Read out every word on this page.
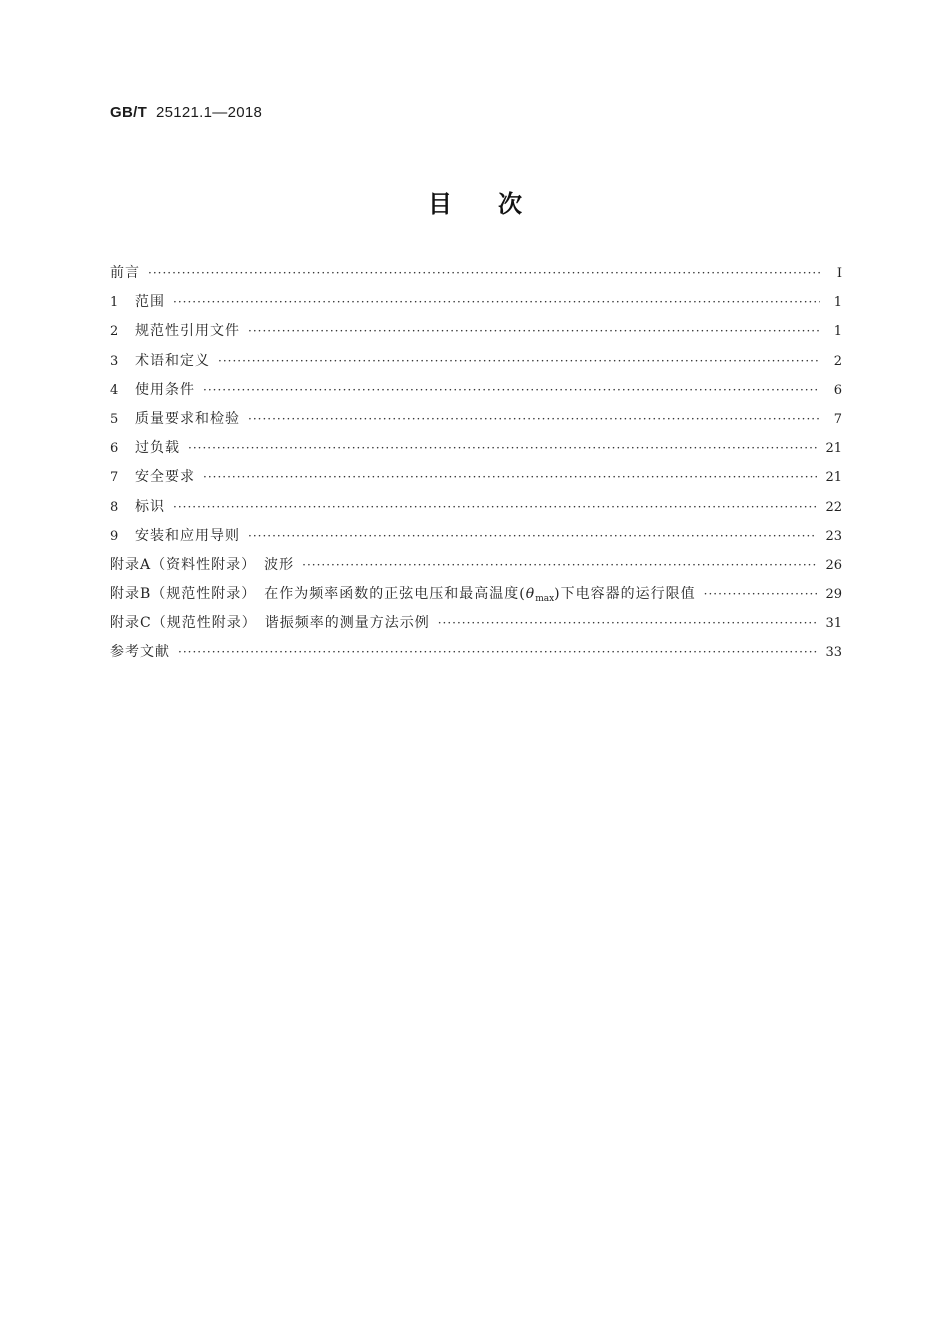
GB/T 25121.1—2018
目次
前言 ·····	Ⅰ
1	范围 ·····	1
2	规范性引用文件 ·····	1
3	术语和定义 ·····	2
4	使用条件 ·····	6
5	质量要求和检验 ·····	7
6	过负载 ·····	21
7	安全要求 ·····	21
8	标识 ·····	22
9	安装和应用导则 ·····	23
附录A（资料性附录）　波形 ·····	26
附录B（规范性附录）　在作为频率函数的正弦电压和最高温度$(\theta_{max})$下电容器的运行限值 ·····	29
附录C（规范性附录）　谐振频率的测量方法示例 ·····	31
参考文献 ·····	33
